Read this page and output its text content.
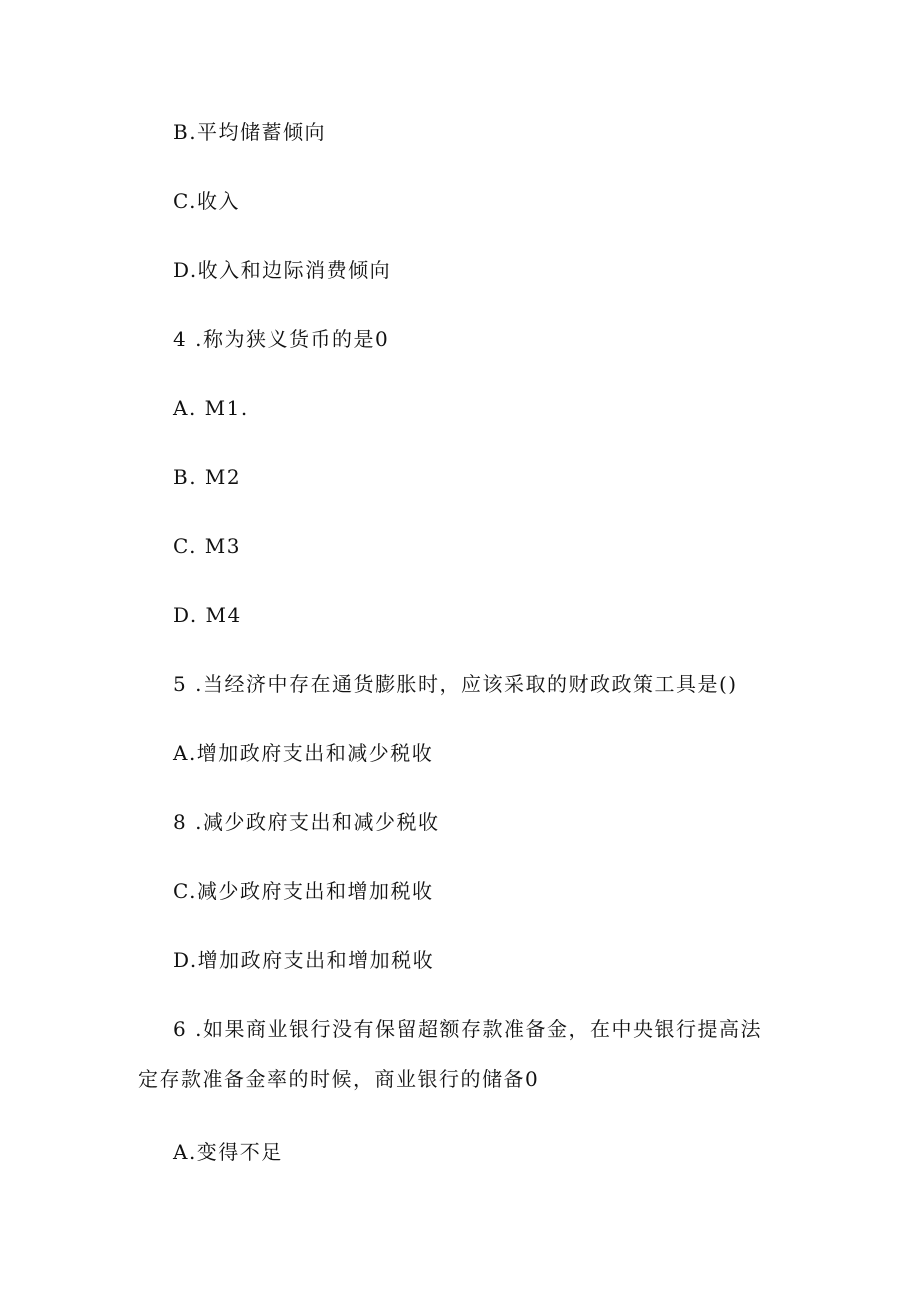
B.平均储蓄倾向
C.收入
D.收入和边际消费倾向
4 .称为狭义货币的是0
A. M1.
B. M2
C. M3
D. M4
5 .当经济中存在通货膨胀时，应该采取的财政政策工具是()
A.增加政府支出和减少税收
8 .减少政府支出和减少税收
C.减少政府支出和增加税收
D.增加政府支出和增加税收
6 .如果商业银行没有保留超额存款准备金，在中央银行提高法
定存款准备金率的时候，商业银行的储备0
A.变得不足
